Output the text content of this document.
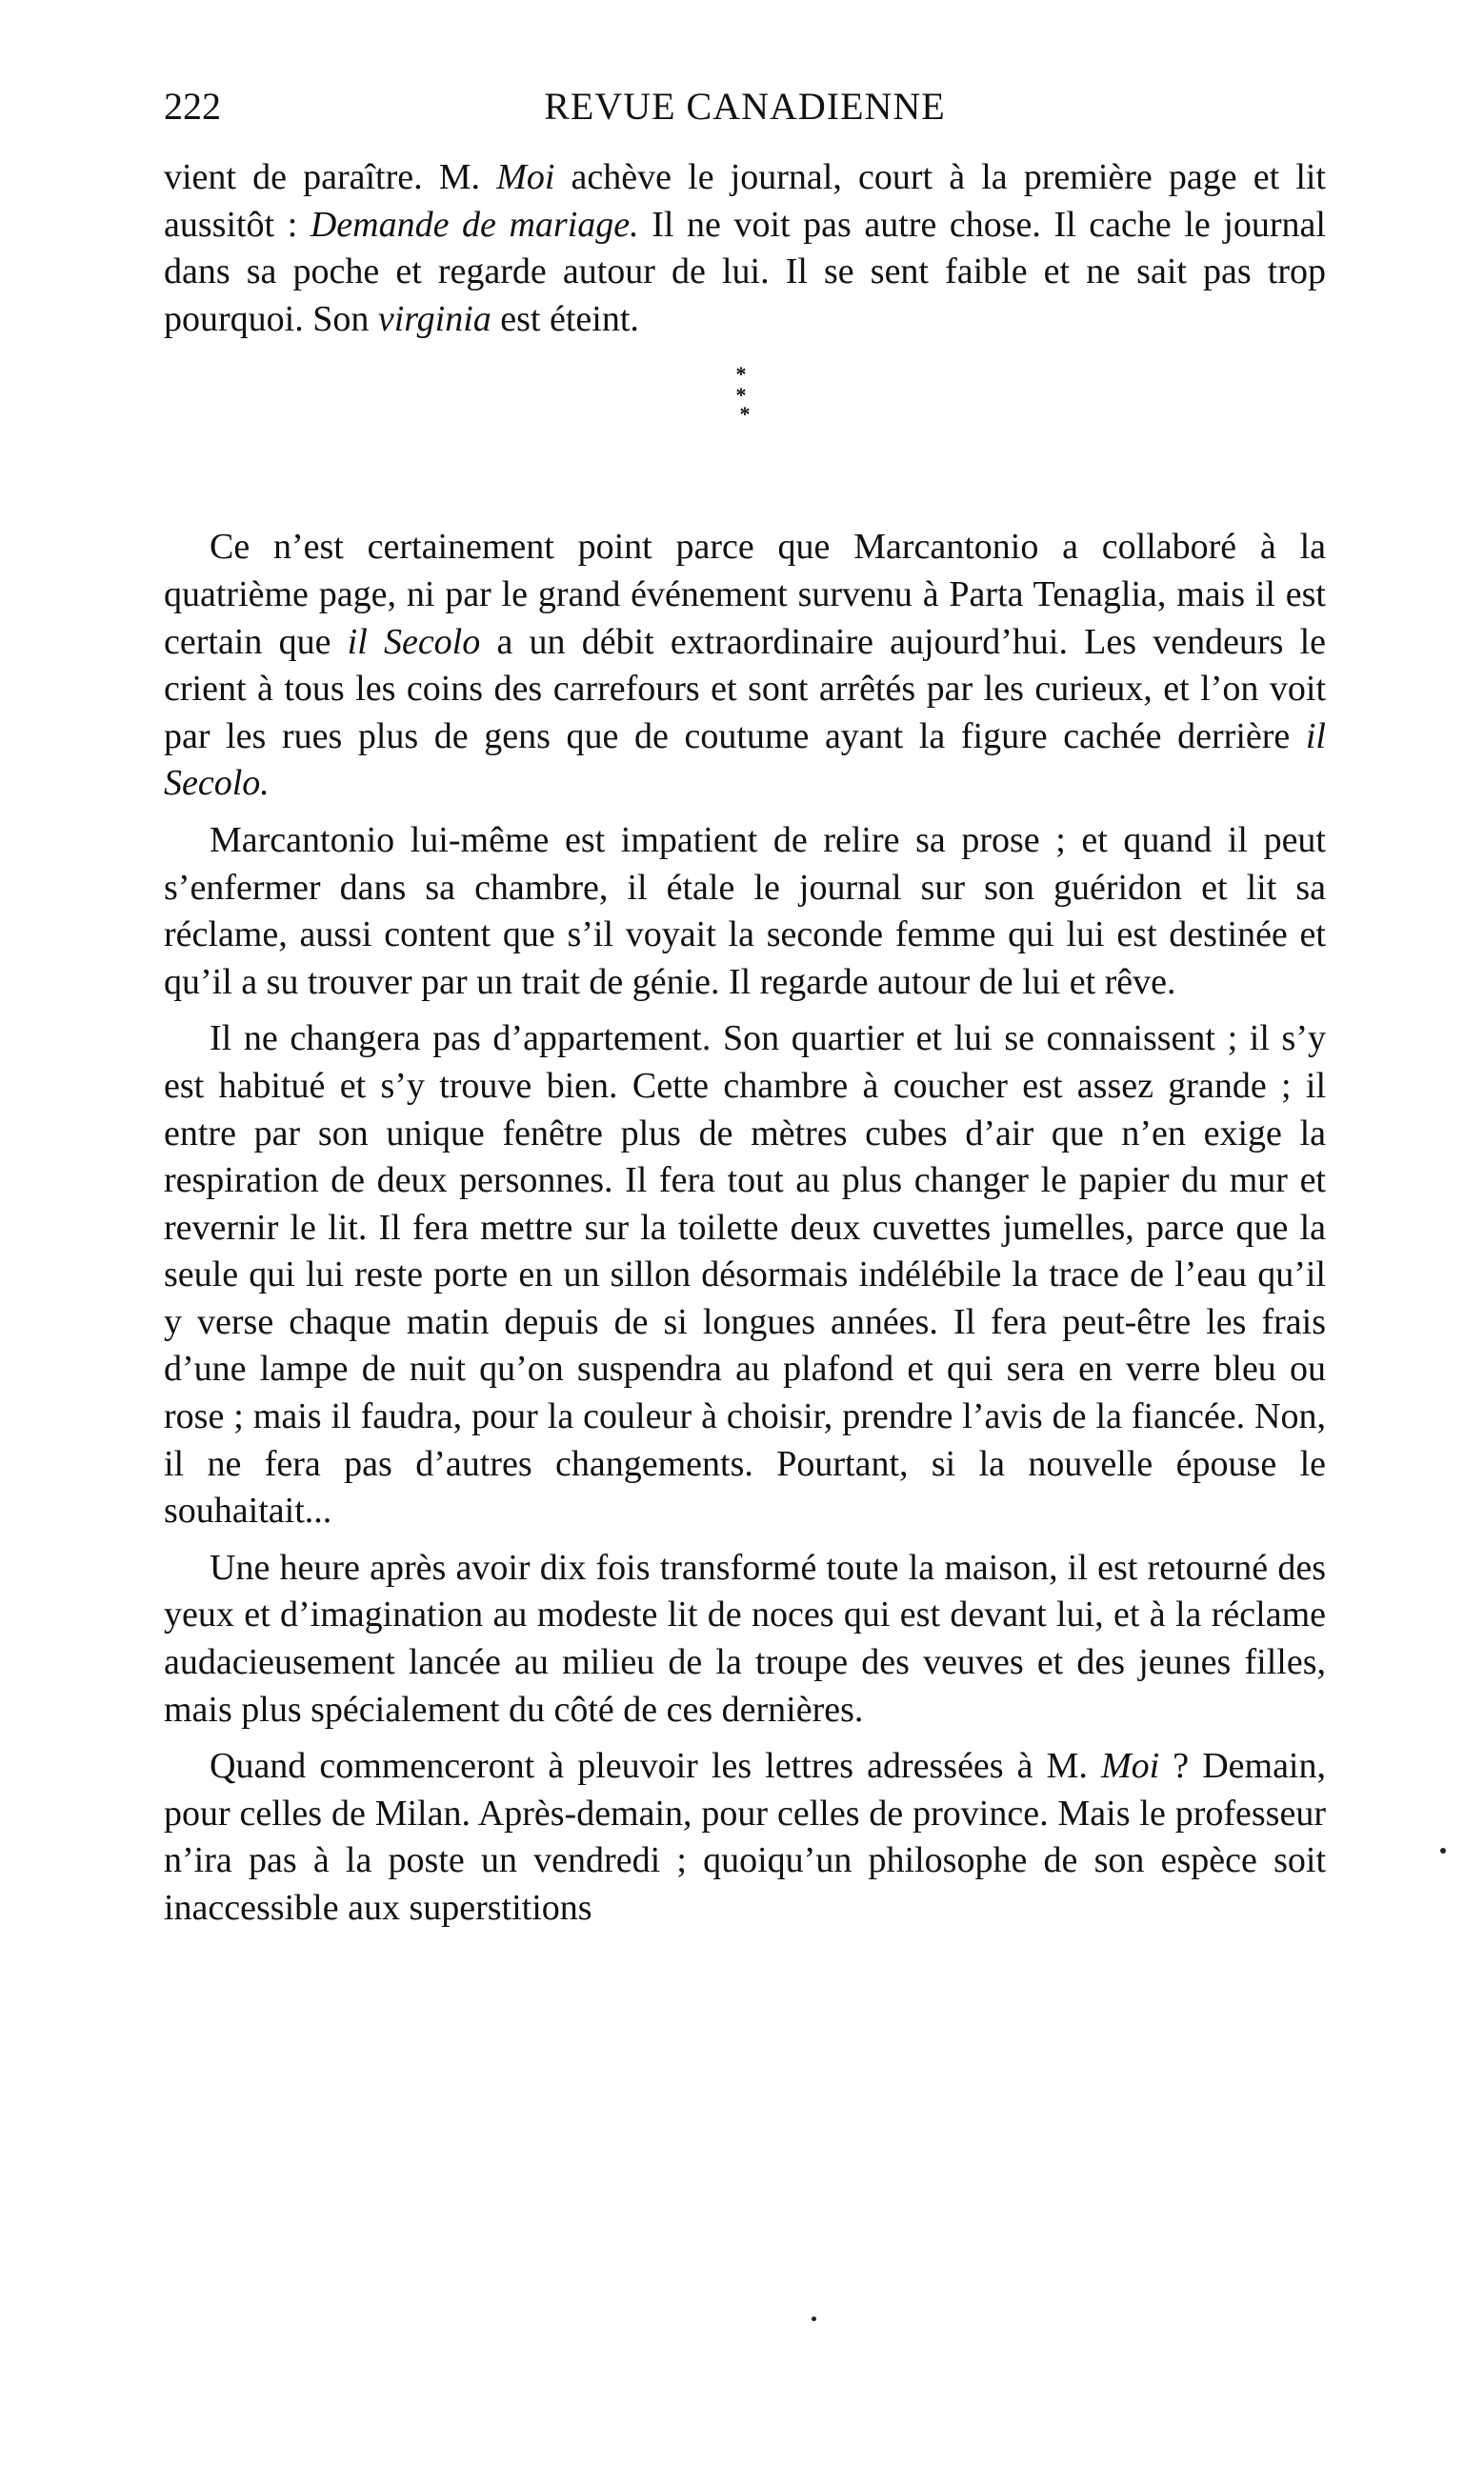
222	REVUE CANADIENNE

vient de paraître. M. Moi achève le journal, court à la première page et lit aussitôt : Demande de mariage. Il ne voit pas autre chose. Il cache le journal dans sa poche et regarde autour de lui. Il se sent faible et ne sait pas trop pourquoi. Son virginia est éteint.

* *
*

Ce n’est certainement point parce que Marcantonio a collaboré à la quatrième page, ni par le grand événement survenu à Parta Tenaglia, mais il est certain que il Secolo a un débit extraordinaire aujourd’hui. Les vendeurs le crient à tous les coins des carrefours et sont arrêtés par les curieux, et l’on voit par les rues plus de gens que de coutume ayant la figure cachée derrière il Secolo.

Marcantonio lui-même est impatient de relire sa prose ; et quand il peut s’enfermer dans sa chambre, il étale le journal sur son guéridon et lit sa réclame, aussi content que s’il voyait la seconde femme qui lui est destinée et qu’il a su trouver par un trait de génie. Il regarde autour de lui et rêve.

Il ne changera pas d’appartement. Son quartier et lui se connaissent ; il s’y est habitué et s’y trouve bien. Cette chambre à coucher est assez grande ; il entre par son unique fenêtre plus de mètres cubes d’air que n’en exige la respiration de deux personnes. Il fera tout au plus changer le papier du mur et revernir le lit. Il fera mettre sur la toilette deux cuvettes jumelles, parce que la seule qui lui reste porte en un sillon désormais indélébile la trace de l’eau qu’il y verse chaque matin depuis de si longues années. Il fera peut-être les frais d’une lampe de nuit qu’on suspendra au plafond et qui sera en verre bleu ou rose ; mais il faudra, pour la couleur à choisir, prendre l’avis de la fiancée. Non, il ne fera pas d’autres changements. Pourtant, si la nouvelle épouse le souhaitait...

Une heure après avoir dix fois transformé toute la maison, il est retourné des yeux et d’imagination au modeste lit de noces qui est devant lui, et à la réclame audacieusement lancée au milieu de la troupe des veuves et des jeunes filles, mais plus spécialement du côté de ces dernières.

Quand commenceront à pleuvoir les lettres adressées à M. Moi ? Demain, pour celles de Milan. Après-demain, pour celles de province. Mais le professeur n’ira pas à la poste un vendredi ; quoiqu’un philosophe de son espèce soit inaccessible aux superstitions
